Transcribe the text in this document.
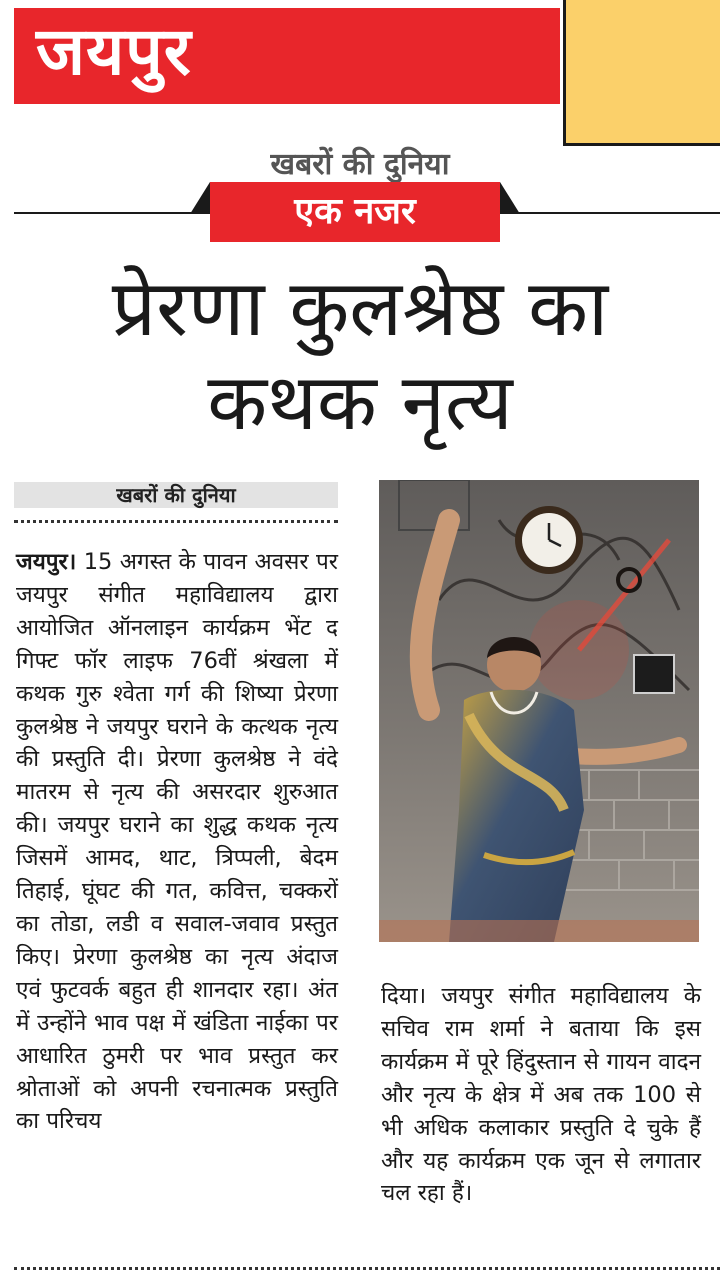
जयपुर
खबरों की दुनिया
एक नजर
प्रेरणा कुलश्रेष्ठ का
कथक नृत्य
खबरों की दुनिया
जयपुर। 15 अगस्त के पावन अवसर पर जयपुर संगीत महाविद्यालय द्वारा आयोजित ऑनलाइन कार्यक्रम भेंट द गिफ्ट फॉर लाइफ 76वीं श्रंखला में कथक गुरु श्वेता गर्ग की शिष्या प्रेरणा कुलश्रेष्ठ ने जयपुर घराने के कत्थक नृत्य की प्रस्तुति दी। प्रेरणा कुलश्रेष्ठ ने वंदे मातरम से नृत्य की असरदार शुरुआत की। जयपुर घराने का शुद्ध कथक नृत्य जिसमें आमद, थाट, त्रिप्पली, बेदम तिहाई, घूंघट की गत, कवित्त, चक्करों का तोडा, लडी व सवाल-जवाव प्रस्तुत किए। प्रेरणा कुलश्रेष्ठ का नृत्य अंदाज एवं फुटवर्क बहुत ही शानदार रहा। अंत में उन्होंने भाव पक्ष में खंडिता नाईका पर आधारित ठुमरी पर भाव प्रस्तुत कर श्रोताओं को अपनी रचनात्मक प्रस्तुति का परिचय
दिया। जयपुर संगीत महाविद्यालय के सचिव राम शर्मा ने बताया कि इस कार्यक्रम में पूरे हिंदुस्तान से गायन वादन और नृत्य के क्षेत्र में अब तक 100 से भी अधिक कलाकार प्रस्तुति दे चुके हैं और यह कार्यक्रम एक जून से लगातार चल रहा हैं।
